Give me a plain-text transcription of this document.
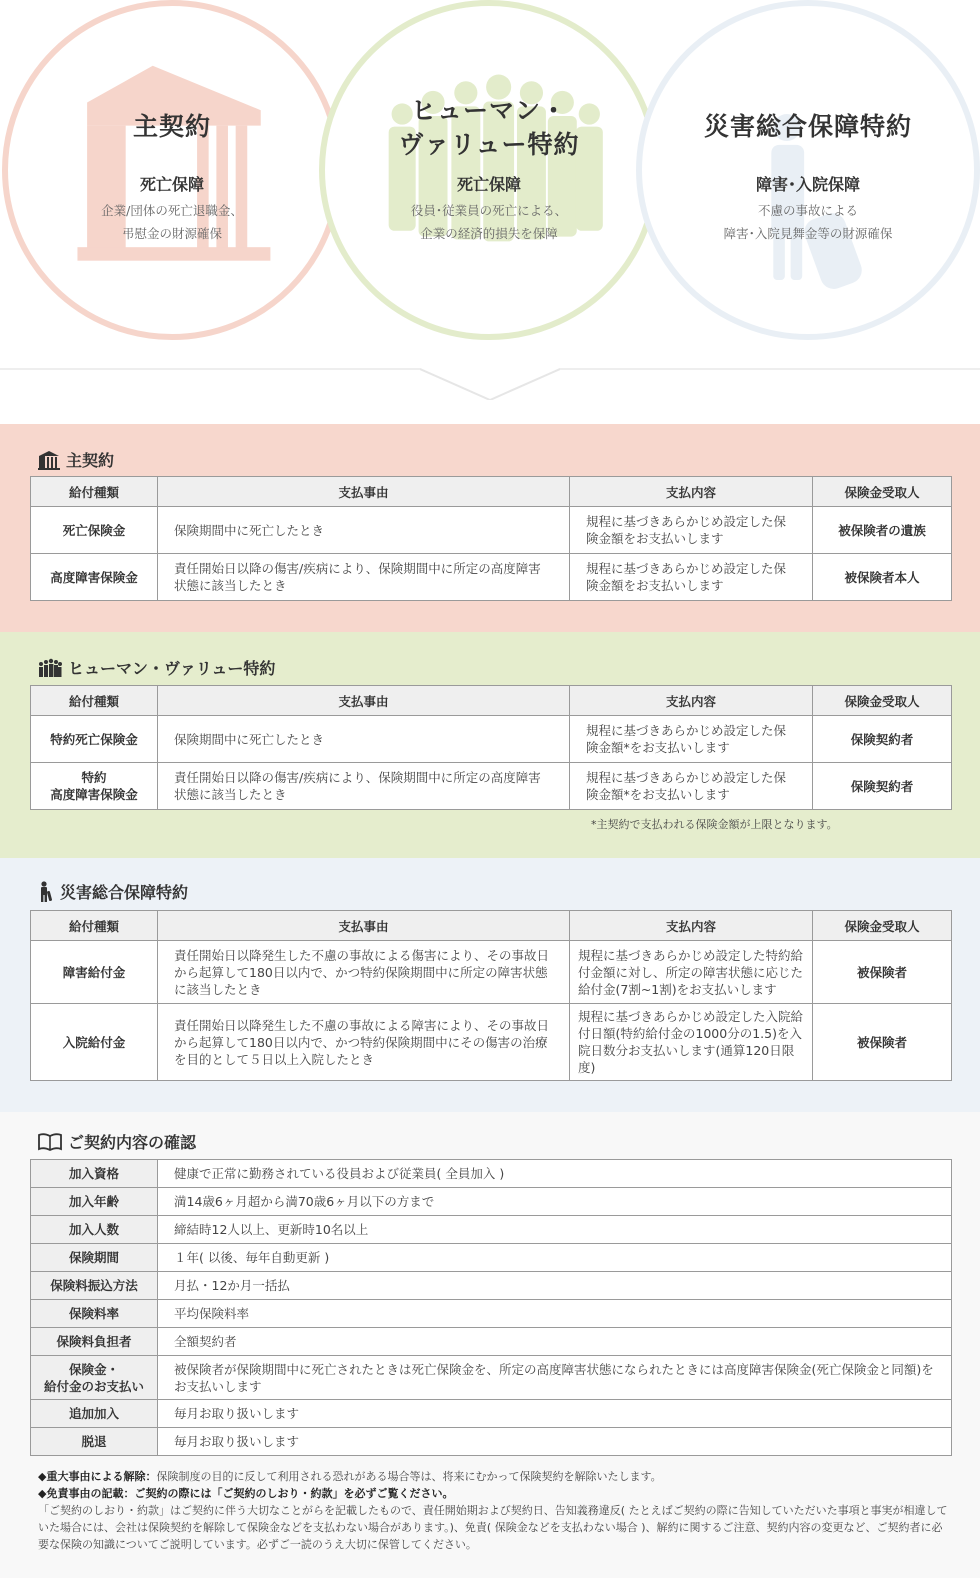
主契約
死亡保障
企業/団体の死亡退職金、
弔慰金の財源確保
ヒューマン・
ヴァリュー特約
死亡保障
役員･従業員の死亡による、
企業の経済的損失を保障
災害総合保障特約
障害･入院保障
不慮の事故による
障害･入院見舞金等の財源確保
主契約
給付種類	支払事由	支払内容	保険金受取人
死亡保険金	保険期間中に死亡したとき	規程に基づきあらかじめ設定した保険金額をお支払いします	被保険者の遺族
高度障害保険金	責任開始日以降の傷害/疾病により、保険期間中に所定の高度障害状態に該当したとき	規程に基づきあらかじめ設定した保険金額をお支払いします	被保険者本人
ヒューマン・ヴァリュー特約
給付種類	支払事由	支払内容	保険金受取人
特約死亡保険金	保険期間中に死亡したとき	規程に基づきあらかじめ設定した保険金額*をお支払いします	保険契約者

特約
高度障害保険金	責任開始日以降の傷害/疾病により、保険期間中に所定の高度障害状態に該当したとき	規程に基づきあらかじめ設定した保険金額*をお支払いします	保険契約者
*主契約で支払われる保険金額が上限となります。
災害総合保障特約
給付種類	支払事由	支払内容	保険金受取人
障害給付金	責任開始日以降発生した不慮の事故による傷害により、その事故日から起算して180日以内で、かつ特約保険期間中に所定の障害状態に該当したとき	規程に基づきあらかじめ設定した特約給付金額に対し、所定の障害状態に応じた給付金(7割~1割)をお支払いします	被保険者
入院給付金	責任開始日以降発生した不慮の事故による障害により、その事故日から起算して180日以内で、かつ特約保険期間中にその傷害の治療を目的として５日以上入院したとき	規程に基づきあらかじめ設定した入院給付日額(特約給付金の1000分の1.5)を入院日数分お支払いします(通算120日限度)	被保険者
ご契約内容の確認
加入資格	健康で正常に勤務されている役員および従業員( 全員加入 )
加入年齢	満14歳6ヶ月超から満70歳6ヶ月以下の方まで
加入人数	締結時12人以上、更新時10名以上
保険期間	１年( 以後、毎年自動更新 )
保険料振込方法	月払・12か月一括払
保険料率	平均保険料率
保険料負担者	全額契約者

保険金・
給付金のお支払い	被保険者が保険期間中に死亡されたときは死亡保険金を、所定の高度障害状態になられたときには高度障害保険金(死亡保険金と同額)をお支払いします
追加加入	毎月お取り扱いします
脱退	毎月お取り扱いします
◆重大事由による解除：保険制度の目的に反して利用される恐れがある場合等は、将来にむかって保険契約を解除いたします。
◆免責事由の記載：ご契約の際には「ご契約のしおり・約款」を必ずご覧ください。
「ご契約のしおり・約款」はご契約に伴う大切なことがらを記載したもので、責任開始期および契約日、告知義務違反( たとえばご契約の際に告知していただいた事項と事実が相違していた場合には、会社は保険契約を解除して保険金などを支払わない場合があります。)、免責( 保険金などを支払わない場合 )、解約に関するご注意、契約内容の変更など、ご契約者に必要な保険の知識についてご説明しています。必ずご一読のうえ大切に保管してください。
